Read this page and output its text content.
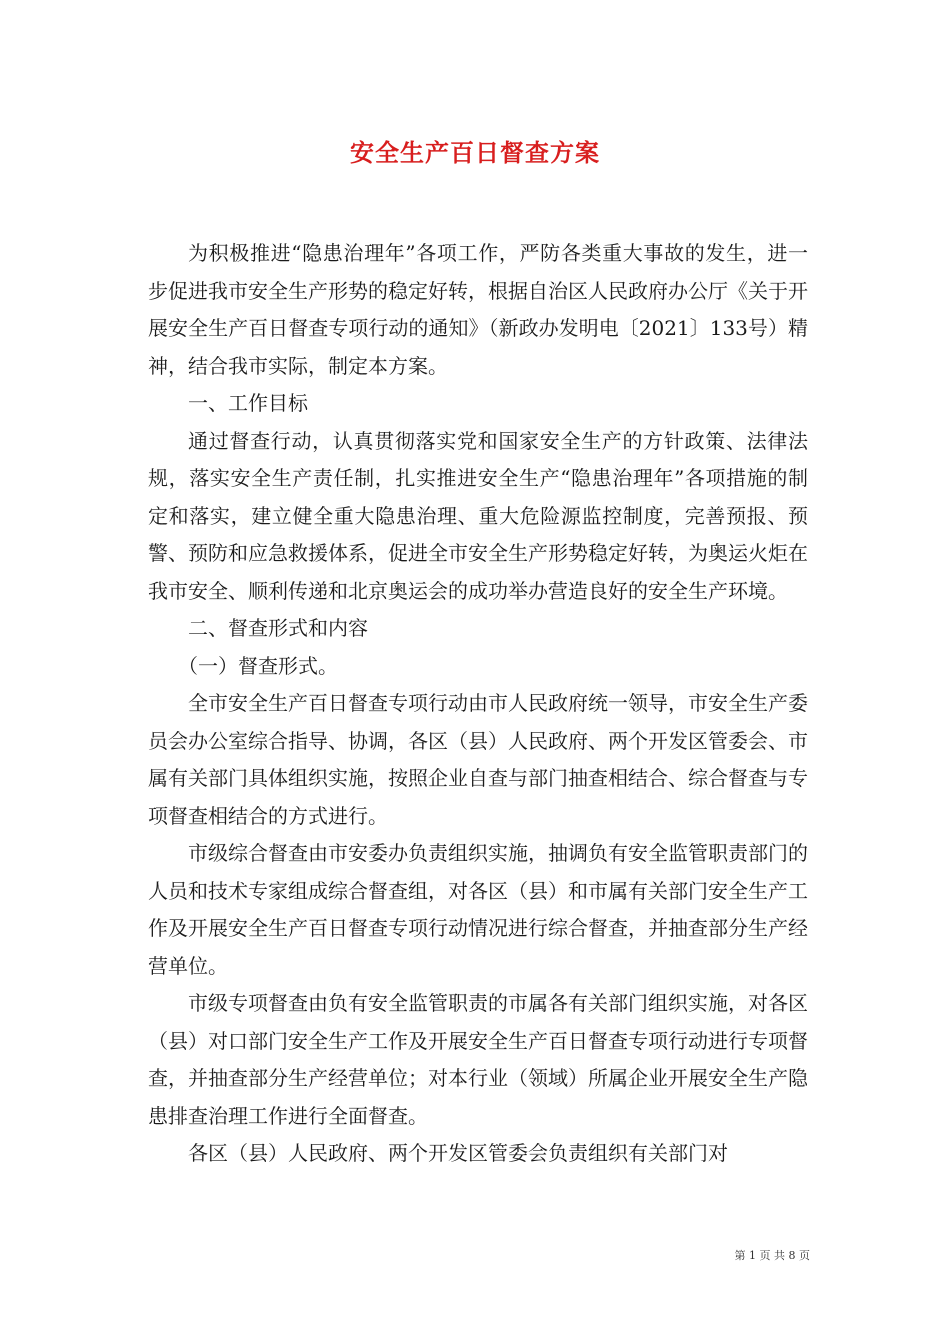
安全生产百日督查方案

为积极推进“隐患治理年”各项工作，严防各类重大事故的发生，进一步促进我市安全生产形势的稳定好转，根据自治区人民政府办公厅《关于开展安全生产百日督查专项行动的通知》（新政办发明电〔2021〕133号）精神，结合我市实际，制定本方案。

一、工作目标

通过督查行动，认真贯彻落实党和国家安全生产的方针政策、法律法规，落实安全生产责任制，扎实推进安全生产“隐患治理年”各项措施的制定和落实，建立健全重大隐患治理、重大危险源监控制度，完善预报、预警、预防和应急救援体系，促进全市安全生产形势稳定好转，为奥运火炬在我市安全、顺利传递和北京奥运会的成功举办营造良好的安全生产环境。

二、督查形式和内容

（一）督查形式。

全市安全生产百日督查专项行动由市人民政府统一领导，市安全生产委员会办公室综合指导、协调，各区（县）人民政府、两个开发区管委会、市属有关部门具体组织实施，按照企业自查与部门抽查相结合、综合督查与专项督查相结合的方式进行。

市级综合督查由市安委办负责组织实施，抽调负有安全监管职责部门的人员和技术专家组成综合督查组，对各区（县）和市属有关部门安全生产工作及开展安全生产百日督查专项行动情况进行综合督查，并抽查部分生产经营单位。

市级专项督查由负有安全监管职责的市属各有关部门组织实施，对各区（县）对口部门安全生产工作及开展安全生产百日督查专项行动进行专项督查，并抽查部分生产经营单位；对本行业（领域）所属企业开展安全生产隐患排查治理工作进行全面督查。

各区（县）人民政府、两个开发区管委会负责组织有关部门对

第 1 页 共 8 页
